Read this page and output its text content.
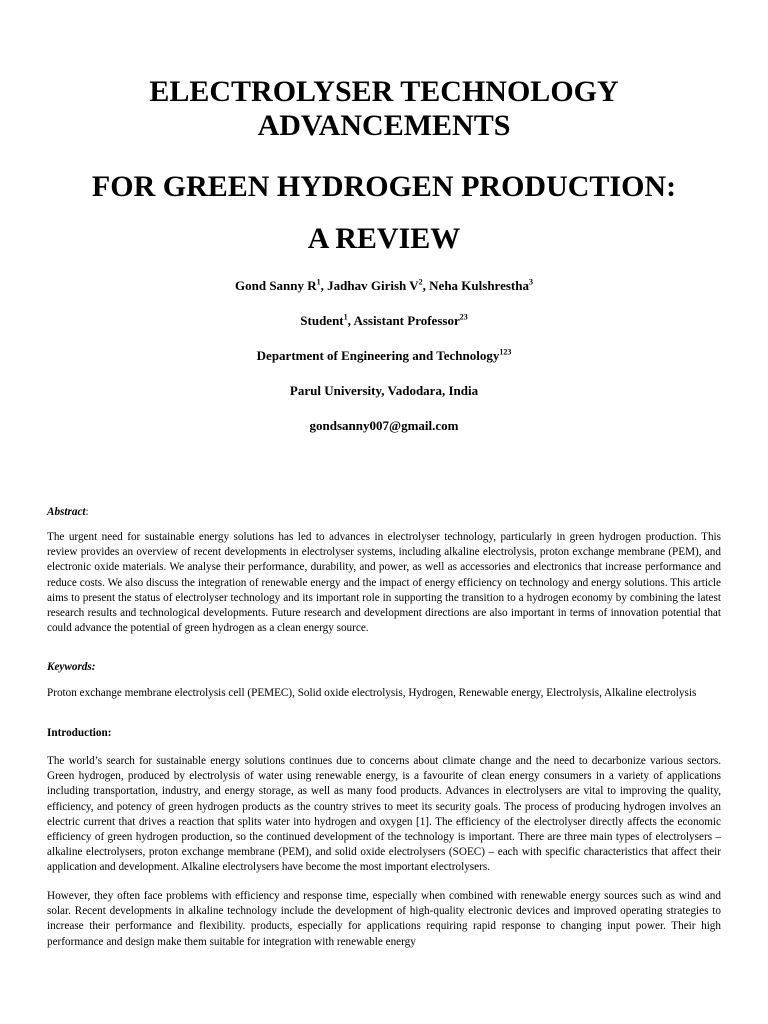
ELECTROLYSER TECHNOLOGY
ADVANCEMENTS
FOR GREEN HYDROGEN PRODUCTION:
A REVIEW
Gond Sanny $R^1$, Jadhav Girish $V^2$, Neha Kulshrestha$^3$
Student$^1$, Assistant Professor$^{23}$
Department of Engineering and Technology$^{123}$
Parul University, Vadodara, India
gondsanny007@gmail.com
Abstract:

The urgent need for sustainable energy solutions has led to advances in electrolyser technology, particularly in green hydrogen production. This review provides an overview of recent developments in electrolyser systems, including alkaline electrolysis, proton exchange membrane (PEM), and electronic oxide materials. We analyse their performance, durability, and power, as well as accessories and electronics that increase performance and reduce costs. We also discuss the integration of renewable energy and the impact of energy efficiency on technology and energy solutions. This article aims to present the status of electrolyser technology and its important role in supporting the transition to a hydrogen economy by combining the latest research results and technological developments. Future research and development directions are also important in terms of innovation potential that could advance the potential of green hydrogen as a clean energy source.

Keywords:

Proton exchange membrane electrolysis cell (PEMEC), Solid oxide electrolysis, Hydrogen, Renewable energy, Electrolysis, Alkaline electrolysis

Introduction:

The world’s search for sustainable energy solutions continues due to concerns about climate change and the need to decarbonize various sectors. Green hydrogen, produced by electrolysis of water using renewable energy, is a favourite of clean energy consumers in a variety of applications including transportation, industry, and energy storage, as well as many food products. Advances in electrolysers are vital to improving the quality, efficiency, and potency of green hydrogen products as the country strives to meet its security goals. The process of producing hydrogen involves an electric current that drives a reaction that splits water into hydrogen and oxygen [1]. The efficiency of the electrolyser directly affects the economic efficiency of green hydrogen production, so the continued development of the technology is important. There are three main types of electrolysers – alkaline electrolysers, proton exchange membrane (PEM), and solid oxide electrolysers (SOEC) – each with specific characteristics that affect their application and development. Alkaline electrolysers have become the most important electrolysers.

However, they often face problems with efficiency and response time, especially when combined with renewable energy sources such as wind and solar. Recent developments in alkaline technology include the development of high-quality electronic devices and improved operating strategies to increase their performance and flexibility. products, especially for applications requiring rapid response to changing input power. Their high performance and design make them suitable for integration with renewable energy
